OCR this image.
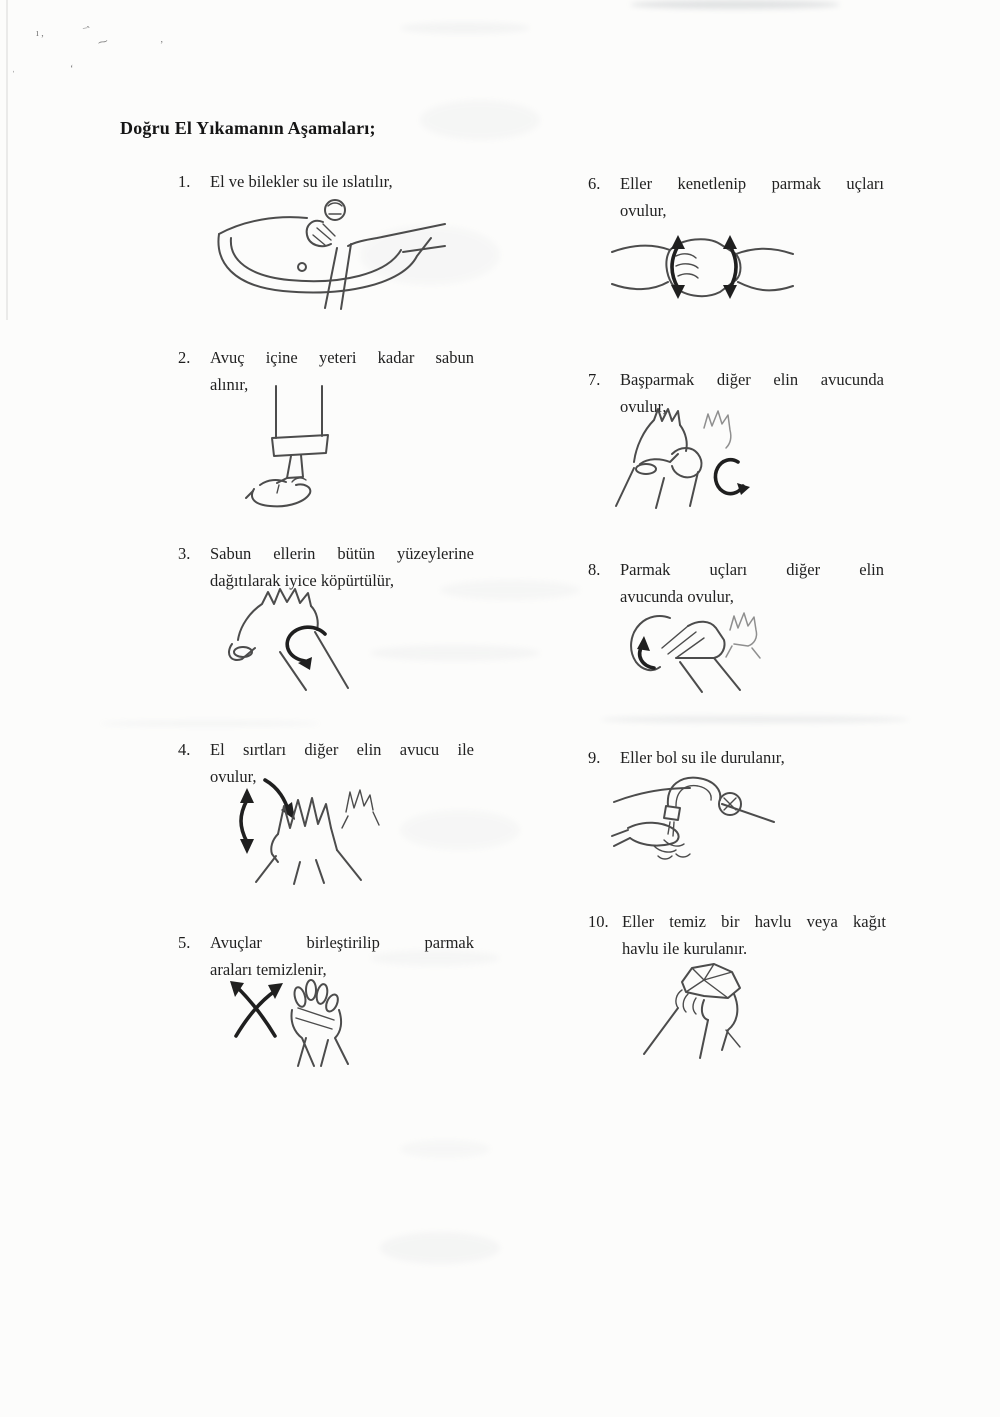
ı ,	‾ ̀
⁓	ʼ
ʻ
ˈ
Doğru El Yıkamanın Aşamaları;
1. El ve bilekler su ile ıslatılır,
2. Avuç içine yeteri kadar sabun
alınır,
3. Sabun ellerin bütün yüzeylerine
dağıtılarak iyice köpürtülür,
4. El sırtları diğer elin avucu ile
ovulur,
5. Avuçlar birleştirilip parmak
araları temizlenir,
6. Eller kenetlenip parmak uçları
ovulur,
7. Başparmak diğer elin avucunda
ovulur,
8. Parmak uçları diğer elin
avucunda ovulur,
9. Eller bol su ile durulanır,
10. Eller temiz bir havlu veya kağıt
havlu ile kurulanır.
